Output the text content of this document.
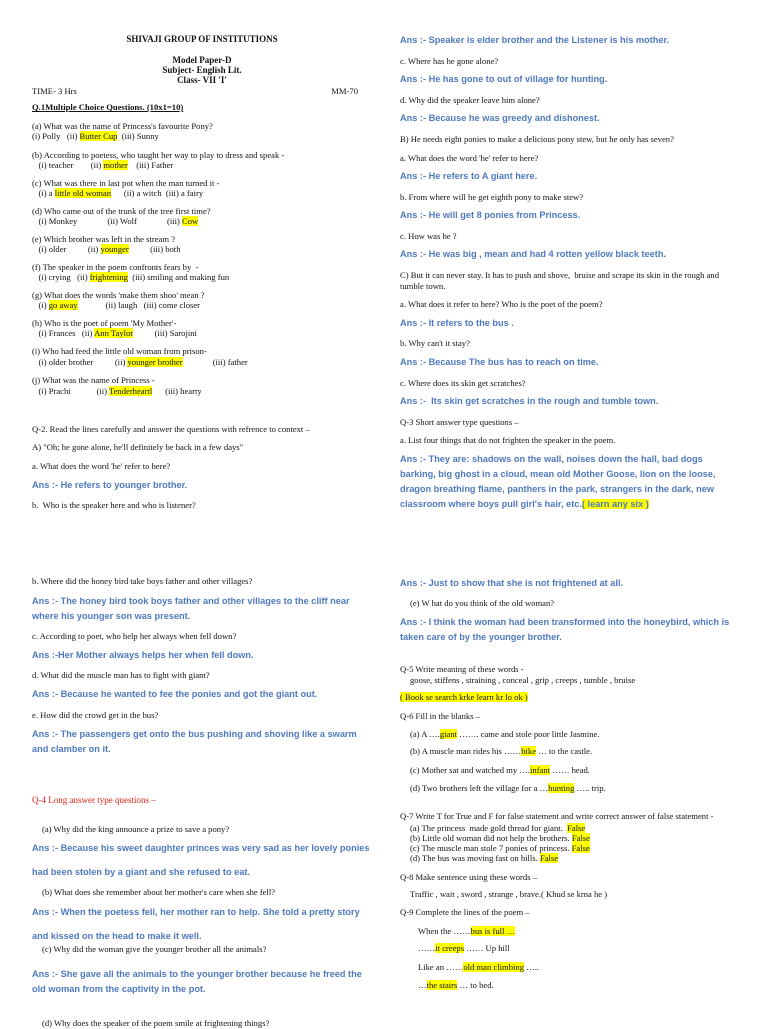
SHIVAJI GROUP OF INSTITUTIONS
Model Paper-D
Subject- English Lit.
Class- VII 'I'
TIME- 3 Hrs	MM-70
Q.1Multiple Choice Questions. (10x1=10)
(a) What was the name of Princess's favourite Pony?
(i) Polly   (ii) Butter Cup  (iii) Sunny
(b) According to poetess, who taught her way to play to dress and speak -
(i) teacher        (ii) mother    (iii) Father
(c) What was there in last pot when the man turned it -
(i) a little old woman      (ii) a witch  (iii) a fairy
(d) Who came out of the trunk of the tree first time?
(i) Monkey              (ii) Wolf              (iii) Cow
(e) Which brother was left in the stream ?
(i) older          (ii) younger          (iii) both
(f) The speaker in the poem confronts fears by  -
(i) crying   (ii) frightening  (iii) smiling and making fun
(g) What does the words 'make them shoo' mean ?
(i) go away             (ii) laugh   (iii) come closer
(h) Who is the poet of poem 'My Mother'-
(i) Frances   (ii) Ann Taylor          (iii) Sarojini
(i) Who had feed the little old woman from prison-
(i) older brother          (ii) younger brother              (iii) father
(j) What was the name of Princess -
(i) Prachi            (ii) Tenderheartl      (iii) hearty
Q-2. Read the lines carefully and answer the questions with refrence to context –
A) "Oh; he gone alone, he'll definitely be back in a few days"
a. What does the word 'he' refer to here?
Ans :- He refers to younger brother.
b.  Who is the speaker here and who is listener?
b. Where did the honey bird take boys father and other villages?
Ans :- The honey bird took boys father and other villages to the cliff near where his younger son was present.
c. According to poet, who help her always when fell down?
Ans :-Her Mother always helps her when fell down.
d. What did the muscle man has to fight with giant?
Ans :- Because he wanted to fee the ponies and got the giant out.
e. How did the crowd get in the bus?
Ans :- The passengers get onto the bus pushing and shoving like a swarm and clamber on it.
Q-4 Long answer type questions –
(a) Why did the king announce a prize to save a pony?
Ans :- Because his sweet daughter princes was very sad as her lovely ponies had been stolen by a giant and she refused to eat.
(b) What does she remember about her mother's care when she fell?
Ans :- When the poetess fell, her mother ran to help. She told a pretty story and kissed on the head to make it well.
(c) Why did the woman give the younger brother all the animals?
Ans :- She gave all the animals to the younger brother because he freed the old woman from the captivity in the pot.
(d) Why does the speaker of the poem smile at frightening things?
Ans :- Speaker is elder brother and the Listener is his mother.
c. Where has he gone alone?
Ans :- He has gone to out of village for hunting.
d. Why did the speaker leave him alone?
Ans :- Because he was greedy and dishonest.
B) He needs eight ponies to make a delicious pony stew, but he only has seven?
a. What does the word 'he' refer to here?
Ans :- He refers to A giant here.
b. From where will he get eighth pony to make stew?
Ans :- He will get 8 ponies from Princess.
c. How was he ?
Ans :- He was big , mean and had 4 rotten yellow black teeth.
C) But it can never stay. It has to push and shove,  bruise and scrape its skin in the rough and tumble town.
a. What does it refer to here? Who is the poet of the poem?
Ans :- It refers to the bus .
b. Why can't it stay?
Ans :- Because The bus has to reach on time.
c. Where does its skin get scratches?
Ans :-  Its skin get scratches in the rough and tumble town.
Q-3 Short answer type questions –
a. List four things that do not frighten the speaker in the poem.
Ans :- They are: shadows on the wall, noises down the hall, bad dogs barking, big ghost in a cloud, mean old Mother Goose, lion on the loose, dragon breathing flame, panthers in the park, strangers in the dark, new classroom where boys pull girl's hair, etc.( learn any six )
Ans :- Just to show that she is not frightened at all.
(e) W hat do you think of the old woman?
Ans :- I think the woman had been transformed into the honeybird, which is taken care of by the younger brother.
Q-5 Write meaning of these words -
goose, stiffens , straining , conceal , grip , creeps , tumble , bruise
( Book se search krke learn kr lo ok )
Q-6 Fill in the blanks –
(a) A ….giant ……. came and stole poor little Jasmine.
(b) A muscle man rides his ……bike … to the castle.
(c) Mother sat and watched my ….infant …… head.
(d) Two brothers left the village for a …hunting ….. trip.
Q-7 Write T for True and F for false statement and write correct answer of false statement -
(a) The princess  made gold thread for giant.  False
(b) Little old woman did not help the brothers. False
(c) The muscle man stole 7 ponies of princess. False
(d) The bus was moving fast on hills. False
Q-8 Make sentence using these words –
Traffic , wait , sword , strange , brave.( Khud se krna he )
Q-9 Complete the lines of the poem –
When the ……bus is full …
……it creeps …… Up hill
Like an ……old man climbing …..
…the stairs … to bed.
